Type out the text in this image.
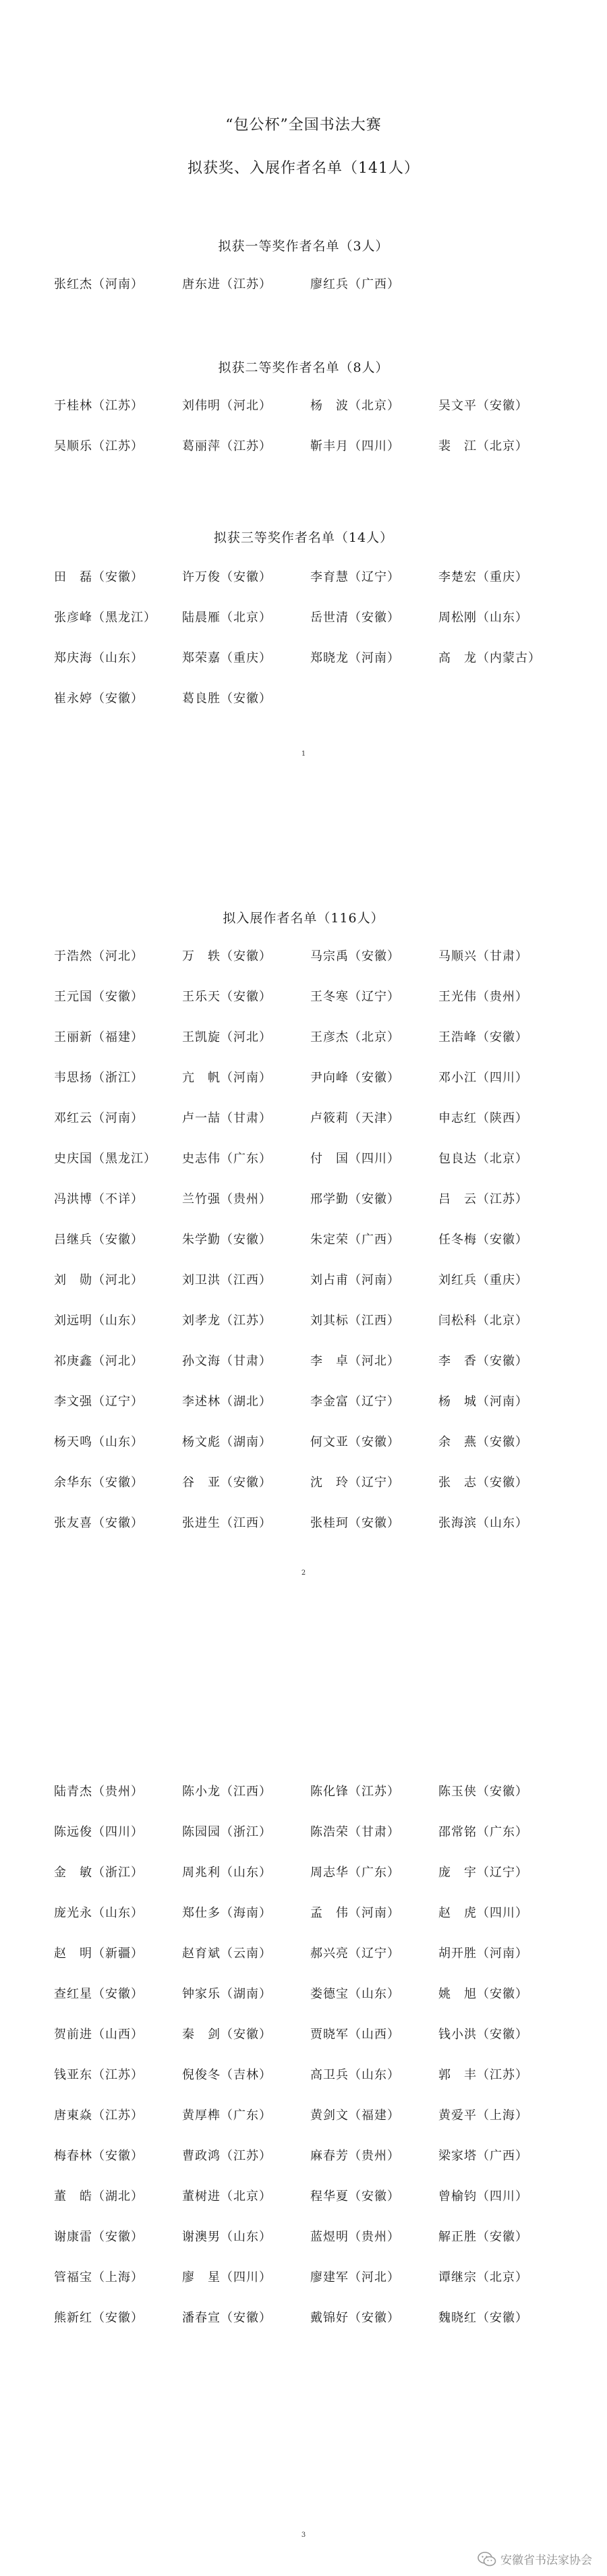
“包公杯”全国书法大赛
拟获奖、入展作者名单（141人）
拟获一等奖作者名单（3人）
张红杰（河南）	唐东进（江苏）	廖红兵（广西）
拟获二等奖作者名单（8人）
于桂林（江苏）	刘伟明（河北）	杨　波（北京）	吴文平（安徽）
吴顺乐（江苏）	葛丽萍（江苏）	靳丰月（四川）	裴　江（北京）
拟获三等奖作者名单（14人）
田　磊（安徽）	许万俊（安徽）	李育慧（辽宁）	李楚宏（重庆）
张彦峰（黑龙江）	陆晨雁（北京）	岳世清（安徽）	周松刚（山东）
郑庆海（山东）	郑荣嘉（重庆）	郑晓龙（河南）	高　龙（内蒙古）
崔永婷（安徽）	葛良胜（安徽）
1
拟入展作者名单（116人）
于浩然（河北）	万　轶（安徽）	马宗禹（安徽）	马顺兴（甘肃）
王元国（安徽）	王乐天（安徽）	王冬寒（辽宁）	王光伟（贵州）
王丽新（福建）	王凯旋（河北）	王彦杰（北京）	王浩峰（安徽）
韦思扬（浙江）	亢　帆（河南）	尹向峰（安徽）	邓小江（四川）
邓红云（河南）	卢一喆（甘肃）	卢筱莉（天津）	申志红（陕西）
史庆国（黑龙江）	史志伟（广东）	付　国（四川）	包良达（北京）
冯洪博（不详）	兰竹强（贵州）	邢学勤（安徽）	吕　云（江苏）
吕继兵（安徽）	朱学勤（安徽）	朱定荣（广西）	任冬梅（安徽）
刘　勋（河北）	刘卫洪（江西）	刘占甫（河南）	刘红兵（重庆）
刘远明（山东）	刘孝龙（江苏）	刘其标（江西）	闫松科（北京）
祁庚鑫（河北）	孙文海（甘肃）	李　卓（河北）	李　香（安徽）
李文强（辽宁）	李述林（湖北）	李金富（辽宁）	杨　城（河南）
杨天鸣（山东）	杨文彪（湖南）	何文亚（安徽）	余　燕（安徽）
余华东（安徽）	谷　亚（安徽）	沈　玲（辽宁）	张　志（安徽）
张友喜（安徽）	张进生（江西）	张桂珂（安徽）	张海滨（山东）
2
陆青杰（贵州）	陈小龙（江西）	陈化锋（江苏）	陈玉侠（安徽）
陈远俊（四川）	陈园园（浙江）	陈浩荣（甘肃）	邵常铭（广东）
金　敏（浙江）	周兆利（山东）	周志华（广东）	庞　宇（辽宁）
庞光永（山东）	郑仕多（海南）	孟　伟（河南）	赵　虎（四川）
赵　明（新疆）	赵育斌（云南）	郝兴亮（辽宁）	胡开胜（河南）
查红星（安徽）	钟家乐（湖南）	娄德宝（山东）	姚　旭（安徽）
贺前进（山西）	秦　剑（安徽）	贾晓军（山西）	钱小洪（安徽）
钱亚东（江苏）	倪俊冬（吉林）	高卫兵（山东）	郭　丰（江苏）
唐東焱（江苏）	黄厚榫（广东）	黄剑文（福建）	黄爱平（上海）
梅春林（安徽）	曹政鸿（江苏）	麻春芳（贵州）	梁家塔（广西）
董　皓（湖北）	董树进（北京）	程华夏（安徽）	曾榆钧（四川）
谢康雷（安徽）	谢澳男（山东）	蓝煜明（贵州）	解正胜（安徽）
管福宝（上海）	廖　星（四川）	廖建军（河北）	谭继宗（北京）
熊新红（安徽）	潘春宣（安徽）	戴锦好（安徽）	魏晓红（安徽）
3
安徽省书法家协会
